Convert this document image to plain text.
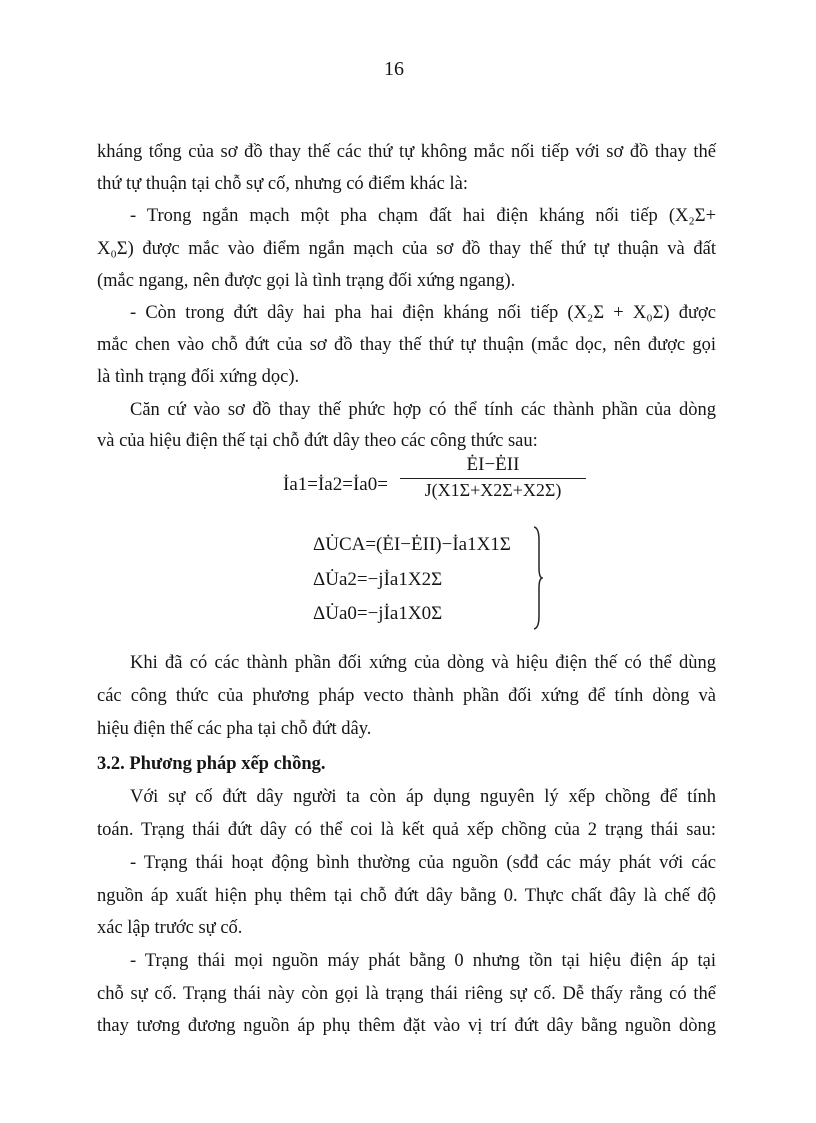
16
kháng tổng của sơ đồ thay thế các thứ tự không mắc nối tiếp với sơ đồ thay thế
thứ tự thuận tại chỗ sự cố, nhưng có điểm khác là:
- Trong ngắn mạch một pha chạm đất hai điện kháng nối tiếp (X₂Σ+
X₀Σ) được mắc vào điểm ngắn mạch của sơ đồ thay thế thứ tự thuận và đất
(mắc ngang, nên được gọi là tình trạng đối xứng ngang).
- Còn trong đứt dây hai pha hai điện kháng nối tiếp (X₂Σ + X₀Σ) được
mắc chen vào chỗ đứt của sơ đồ thay thế thứ tự thuận (mắc dọc, nên được gọi
là tình trạng đối xứng dọc).
Căn cứ vào sơ đồ thay thế phức hợp có thể tính các thành phần của dòng
và của hiệu điện thế tại chỗ đứt dây theo các công thức sau:
İa1=İa2=İa0=
ĖI−ĖII
J(X1Σ+X2Σ+X2Σ)
ΔU̇CA=(ĖI−ĖII)−İa1X1Σ
ΔU̇a2=−jİa1X2Σ
ΔU̇a0=−jİa1X0Σ
Khi đã có các thành phần đối xứng của dòng và hiệu điện thế có thể dùng
các công thức của phương pháp vecto thành phần đối xứng để tính dòng và
hiệu điện thế các pha tại chỗ đứt dây.
3.2. Phương pháp xếp chồng.
Với sự cố đứt dây người ta còn áp dụng nguyên lý xếp chồng để tính
toán. Trạng thái đứt dây có thể coi là kết quả xếp chồng của 2 trạng thái sau:
- Trạng thái hoạt động bình thường của nguồn (sđđ các máy phát với các
nguồn áp xuất hiện phụ thêm tại chỗ đứt dây bằng 0. Thực chất đây là chế độ
xác lập trước sự cố.
- Trạng thái mọi nguồn máy phát bằng 0 nhưng tồn tại hiệu điện áp tại
chỗ sự cố. Trạng thái này còn gọi là trạng thái riêng sự cố. Dễ thấy rằng có thể
thay tương đương nguồn áp phụ thêm đặt vào vị trí đứt dây bằng nguồn dòng
